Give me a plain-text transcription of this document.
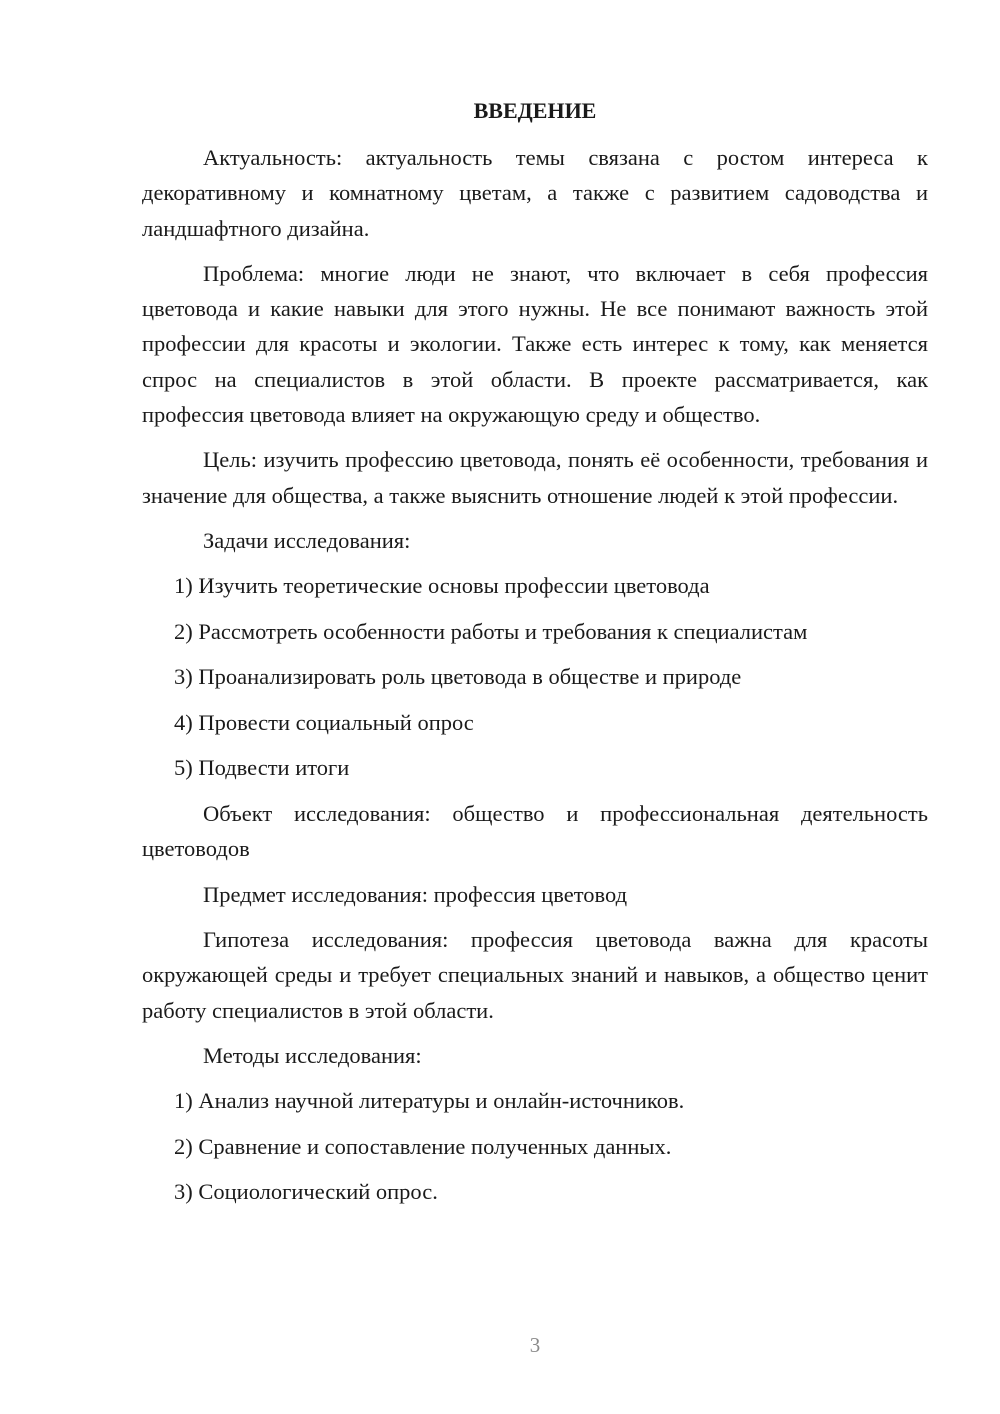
ВВЕДЕНИЕ

Актуальность: актуальность темы связана с ростом интереса к декоративному и комнатному цветам, а также с развитием садоводства и ландшафтного дизайна.

Проблема: многие люди не знают, что включает в себя профессия цветовода и какие навыки для этого нужны. Не все понимают важность этой профессии для красоты и экологии. Также есть интерес к тому, как меняется спрос на специалистов в этой области. В проекте рассматривается, как профессия цветовода влияет на окружающую среду и общество.

Цель: изучить профессию цветовода, понять её особенности, требования и значение для общества, а также выяснить отношение людей к этой профессии.

Задачи исследования:

1) Изучить теоретические основы профессии цветовода

2) Рассмотреть особенности работы и требования к специалистам

3) Проанализировать роль цветовода в обществе и природе

4) Провести социальный опрос

5) Подвести итоги

Объект исследования: общество и профессиональная деятельность цветоводов

Предмет исследования: профессия цветовод

Гипотеза исследования: профессия цветовода важна для красоты окружающей среды и требует специальных знаний и навыков, а общество ценит работу специалистов в этой области.

Методы исследования:

1) Анализ научной литературы и онлайн-источников.

2) Сравнение и сопоставление полученных данных.

3) Социологический опрос.

3
